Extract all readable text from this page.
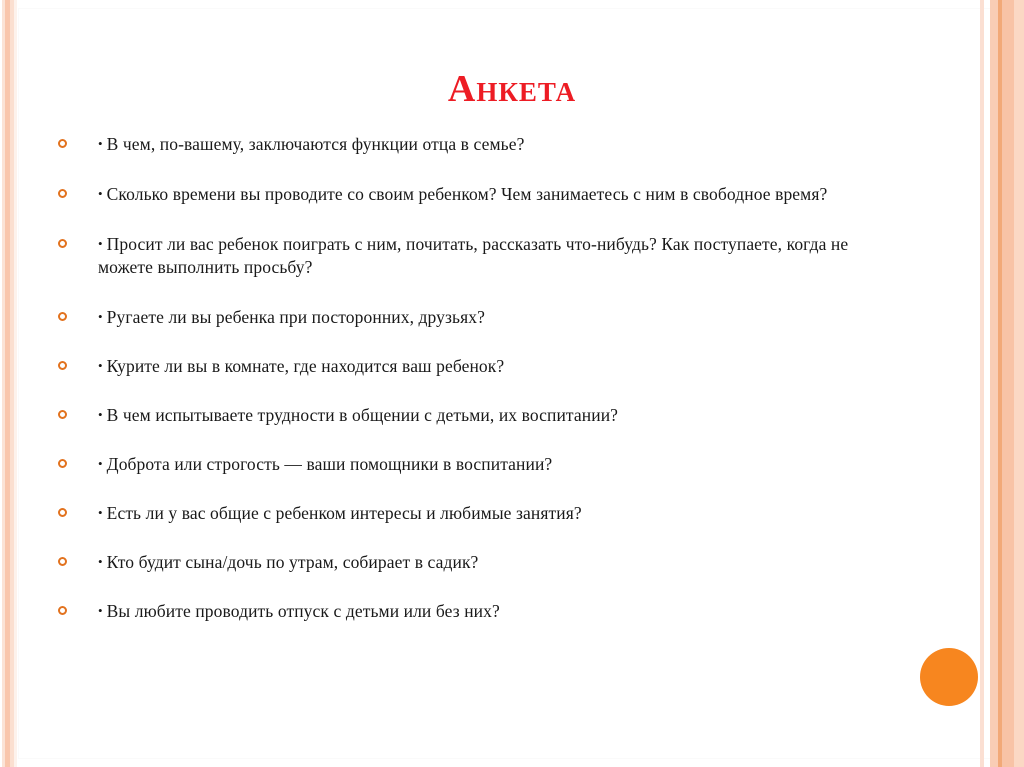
Анкета
• В чем, по-вашему, заключаются функции отца в семье?
• Сколько времени вы проводите со своим ребенком? Чем занимаетесь с ним в свободное время?
• Просит ли вас ребенок поиграть с ним, почитать, рассказать что-нибудь? Как поступаете, когда не можете выполнить просьбу?
• Ругаете ли вы ребенка при посторонних, друзьях?
• Курите ли вы в комнате, где находится ваш ребенок?
• В чем испытываете трудности в общении с детьми, их воспитании?
• Доброта или строгость — ваши помощники в воспитании?
• Есть ли у вас общие с ребенком интересы и любимые занятия?
• Кто будит сына/дочь по утрам, собирает в садик?
• Вы любите проводить отпуск с детьми или без них?
